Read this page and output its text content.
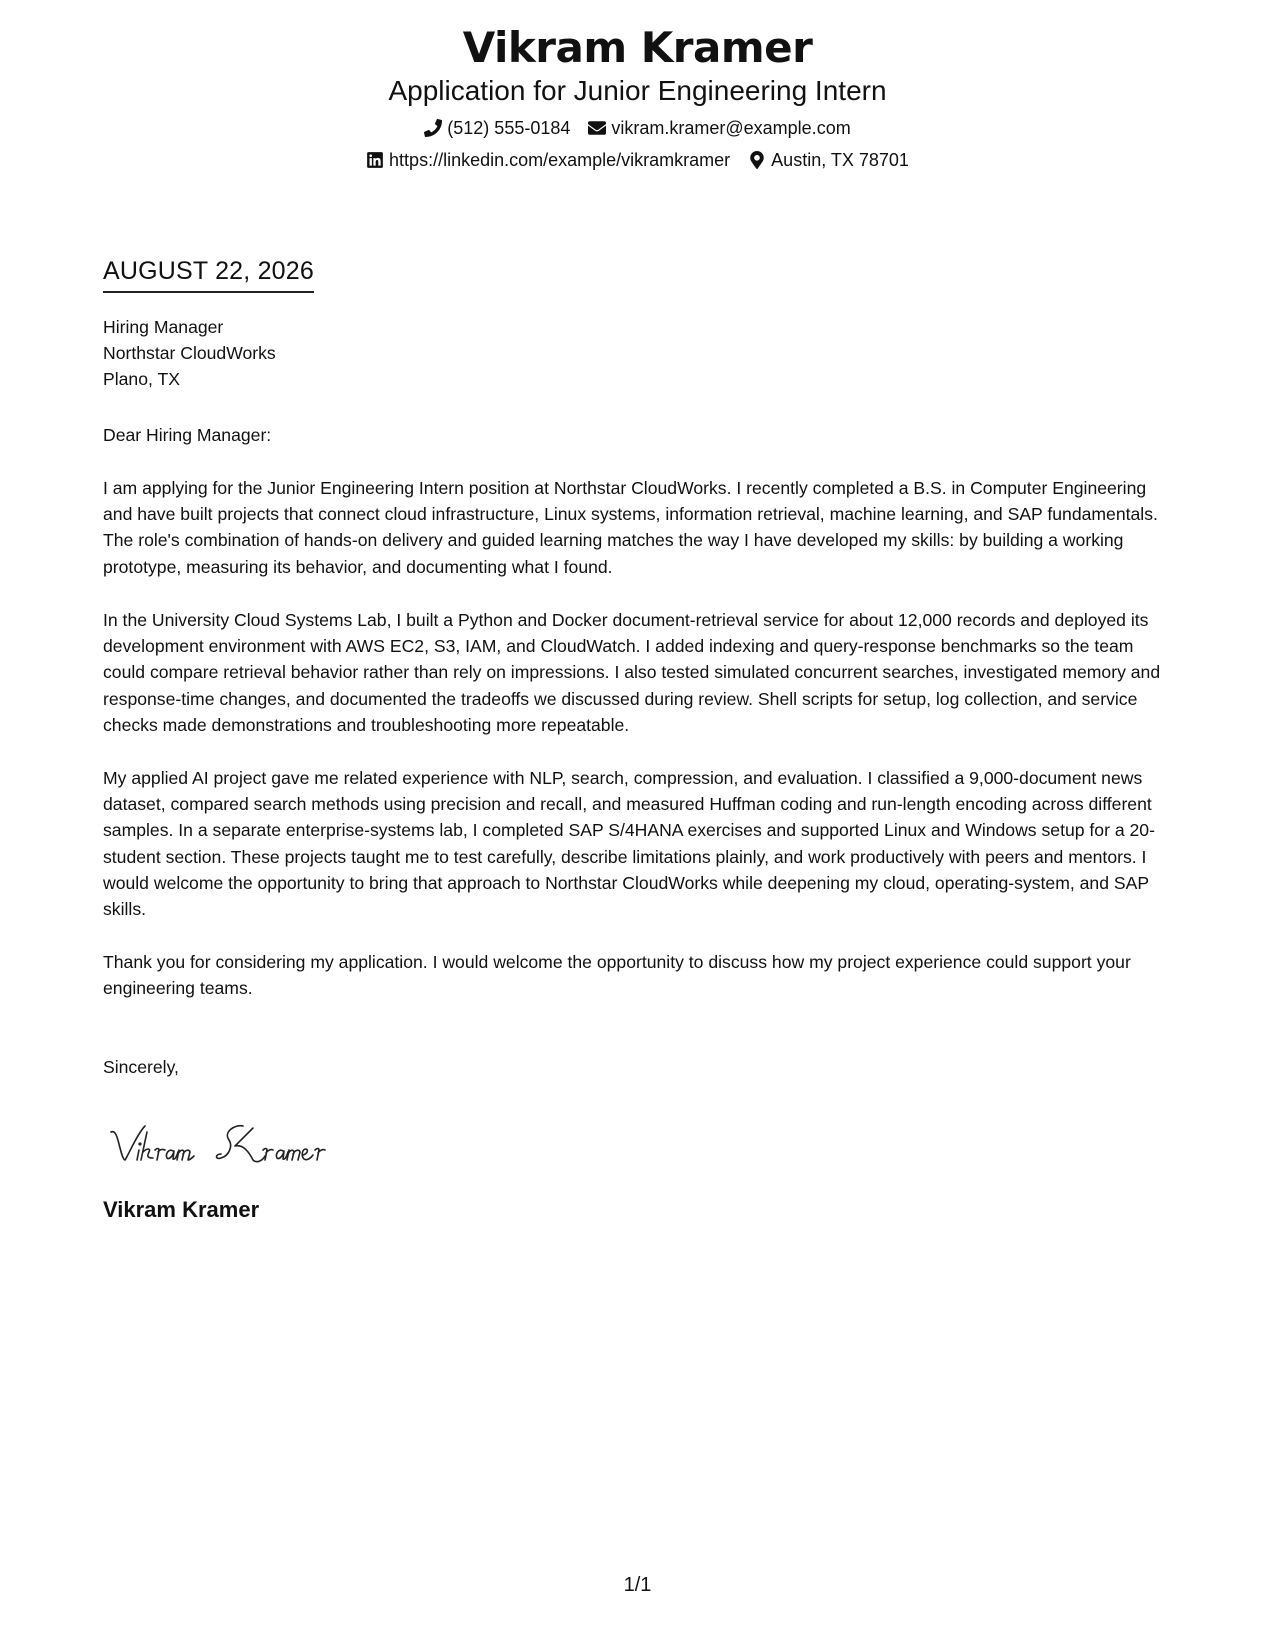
Vikram Kramer
Application for Junior Engineering Intern
(512) 555-0184 vikram.kramer@example.com
https://linkedin.com/example/vikramkramer Austin, TX 78701
AUGUST 22, 2026
Hiring Manager
Northstar CloudWorks
Plano, TX
Dear Hiring Manager:

I am applying for the Junior Engineering Intern position at Northstar CloudWorks. I recently completed a B.S. in Computer Engineering and have built projects that connect cloud infrastructure, Linux systems, information retrieval, machine learning, and SAP fundamentals. The role's combination of hands-on delivery and guided learning matches the way I have developed my skills: by building a working prototype, measuring its behavior, and documenting what I found.

In the University Cloud Systems Lab, I built a Python and Docker document-retrieval service for about 12,000 records and deployed its development environment with AWS EC2, S3, IAM, and CloudWatch. I added indexing and query-response benchmarks so the team could compare retrieval behavior rather than rely on impressions. I also tested simulated concurrent searches, investigated memory and response-time changes, and documented the tradeoffs we discussed during review. Shell scripts for setup, log collection, and service checks made demonstrations and troubleshooting more repeatable.

My applied AI project gave me related experience with NLP, search, compression, and evaluation. I classified a 9,000-document news dataset, compared search methods using precision and recall, and measured Huffman coding and run-length encoding across different samples. In a separate enterprise-systems lab, I completed SAP S/4HANA exercises and supported Linux and Windows setup for a 20-student section. These projects taught me to test carefully, describe limitations plainly, and work productively with peers and mentors. I would welcome the opportunity to bring that approach to Northstar CloudWorks while deepening my cloud, operating-system, and SAP skills.

Thank you for considering my application. I would welcome the opportunity to discuss how my project experience could support your engineering teams.

Sincerely,
Vikram Kramer
1/1
